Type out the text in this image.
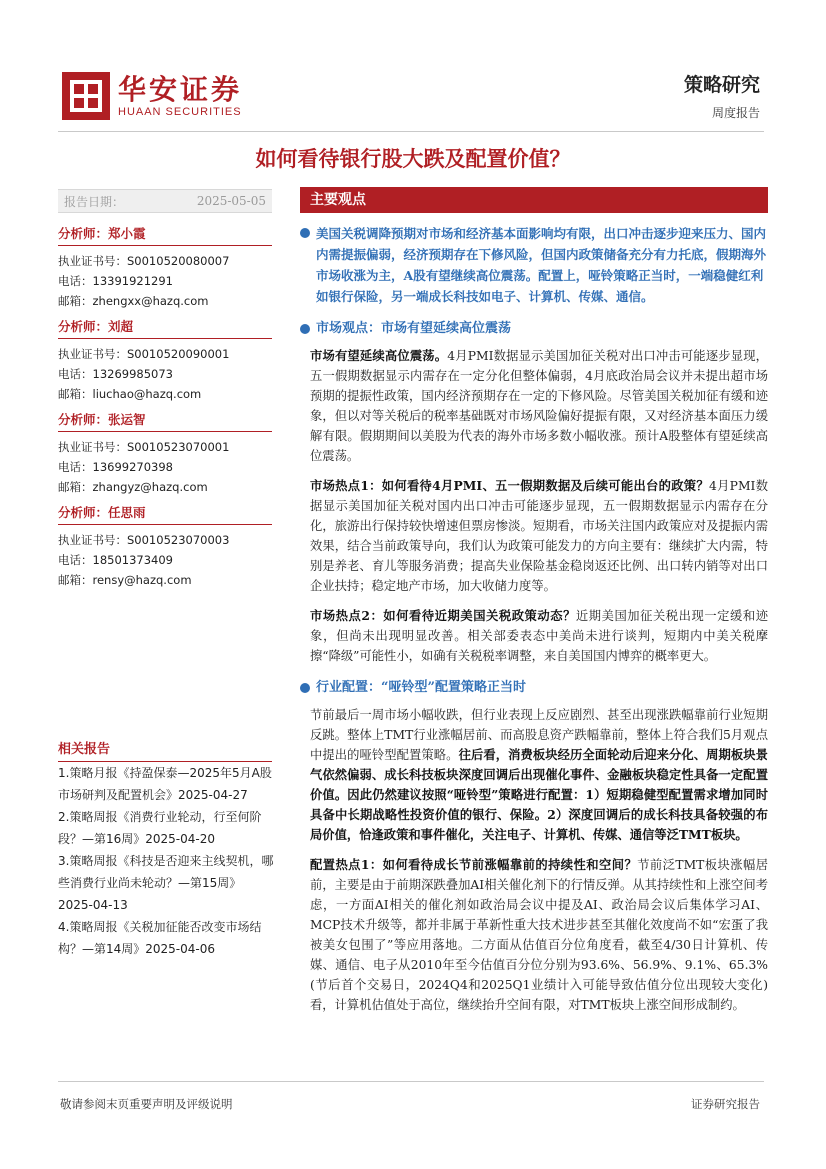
华安证券
HUAAN SECURITIES
策略研究
周度报告
如何看待银行股大跌及配置价值？
报告日期：	2025-05-05
分析师：郑小霞
执业证书号：S0010520080007
电话：13391921291
邮箱：zhengxx@hazq.com
分析师：刘超
执业证书号：S0010520090001
电话：13269985073
邮箱：liuchao@hazq.com
分析师：张运智
执业证书号：S0010523070001
电话：13699270398
邮箱：zhangyz@hazq.com
分析师：任思雨
执业证书号：S0010523070003
电话：18501373409
邮箱：rensy@hazq.com
相关报告
1.策略月报《持盈保泰—2025年5月A股市场研判及配置机会》2025-04-27
2.策略周报《消费行业轮动，行至何阶段？—第16周》2025-04-20
3.策略周报《科技是否迎来主线契机，哪些消费行业尚未轮动？—第15周》2025-04-13
4.策略周报《关税加征能否改变市场结构？—第14周》2025-04-06
主要观点
美国关税调降预期对市场和经济基本面影响均有限，出口冲击逐步迎来压力、国内内需提振偏弱，经济预期存在下修风险，但国内政策储备充分有力托底，假期海外市场收涨为主，A股有望继续高位震荡。配置上，哑铃策略正当时，一端稳健红利如银行保险，另一端成长科技如电子、计算机、传媒、通信。
市场观点：市场有望延续高位震荡
市场有望延续高位震荡。4月PMI数据显示美国加征关税对出口冲击可能逐步显现，五一假期数据显示内需存在一定分化但整体偏弱，4月底政治局会议并未提出超市场预期的提振性政策，国内经济预期存在一定的下修风险。尽管美国关税加征有缓和迹象，但以对等关税后的税率基础既对市场风险偏好提振有限，又对经济基本面压力缓解有限。假期期间以美股为代表的海外市场多数小幅收涨。预计A股整体有望延续高位震荡。
市场热点1：如何看待4月PMI、五一假期数据及后续可能出台的政策？4月PMI数据显示美国加征关税对国内出口冲击可能逐步显现，五一假期数据显示内需存在分化，旅游出行保持较快增速但票房惨淡。短期看，市场关注国内政策应对及提振内需效果，结合当前政策导向，我们认为政策可能发力的方向主要有：继续扩大内需，特别是养老、育儿等服务消费；提高失业保险基金稳岗返还比例、出口转内销等对出口企业扶持；稳定地产市场，加大收储力度等。
市场热点2：如何看待近期美国关税政策动态？近期美国加征关税出现一定缓和迹象，但尚未出现明显改善。相关部委表态中美尚未进行谈判，短期内中美关税摩擦“降级”可能性小，如确有关税税率调整，来自美国国内博弈的概率更大。
行业配置：“哑铃型”配置策略正当时
节前最后一周市场小幅收跌，但行业表现上反应剧烈、甚至出现涨跌幅靠前行业短期反跳。整体上TMT行业涨幅居前、而高股息资产跌幅靠前，整体上符合我们5月观点中提出的哑铃型配置策略。往后看，消费板块经历全面轮动后迎来分化、周期板块景气依然偏弱、成长科技板块深度回调后出现催化事件、金融板块稳定性具备一定配置价值。因此仍然建议按照“哑铃型”策略进行配置：1）短期稳健型配置需求增加同时具备中长期战略性投资价值的银行、保险。2）深度回调后的成长科技具备较强的布局价值，恰逢政策和事件催化，关注电子、计算机、传媒、通信等泛TMT板块。
配置热点1：如何看待成长节前涨幅靠前的持续性和空间？节前泛TMT板块涨幅居前，主要是由于前期深跌叠加AI相关催化剂下的行情反弹。从其持续性和上涨空间考虑，一方面AI相关的催化剂如政治局会议中提及AI、政治局会议后集体学习AI、MCP技术升级等，都并非属于革新性重大技术进步甚至其催化效度尚不如“宏蛋了我被美女包围了”等应用落地。二方面从估值百分位角度看，截至4/30日计算机、传媒、通信、电子从2010年至今估值百分位分别为93.6%、56.9%、9.1%、65.3%(节后首个交易日，2024Q4和2025Q1业绩计入可能导致估值分位出现较大变化)看，计算机估值处于高位，继续抬升空间有限，对TMT板块上涨空间形成制约。
敬请参阅末页重要声明及评级说明	证券研究报告
